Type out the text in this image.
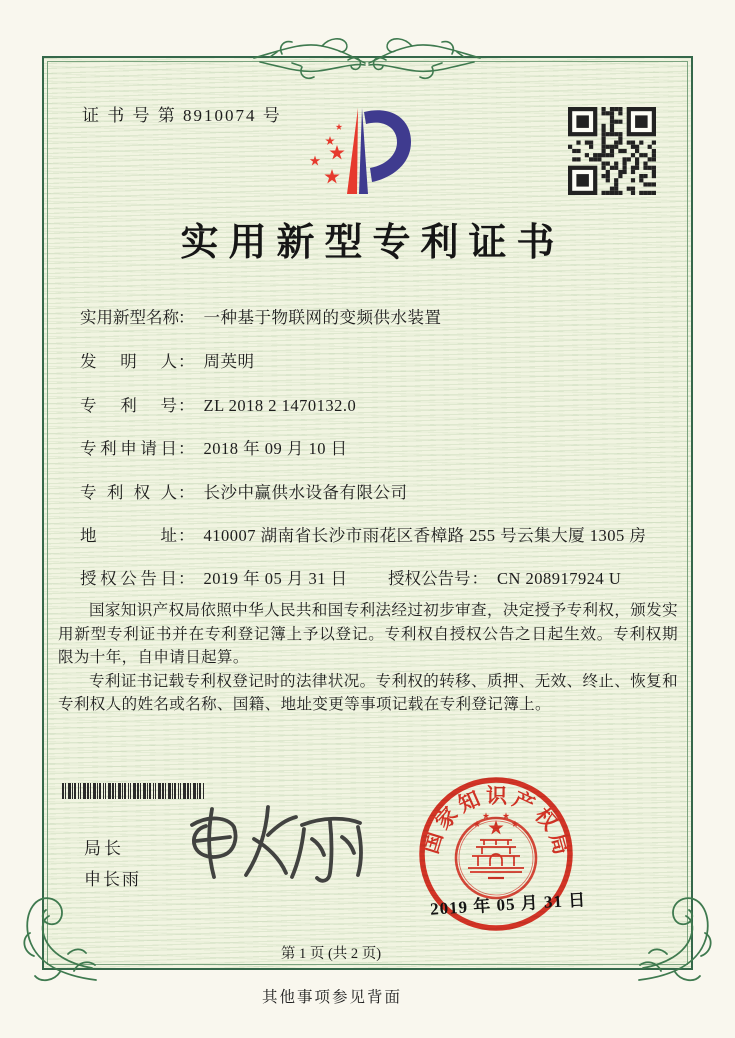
证 书 号 第 8910074 号
实用新型专利证书
实用新型名称 ： 一种基于物联网的变频供水装置
发明人 ： 周英明
专利号 ： ZL 2018 2 1470132.0
专利申请日 ： 2018 年 09 月 10 日
专利权人 ： 长沙中赢供水设备有限公司
地址 ： 410007 湖南省长沙市雨花区香樟路 255 号云集大厦 1305 房
授权公告日 ： 2019 年 05 月 31 日 授权公告号 ： CN 208917924 U

国家知识产权局依照中华人民共和国专利法经过初步审查，决定授予专利权，颁发实用新型专利证书并在专利登记簿上予以登记。专利权自授权公告之日起生效。专利权期限为十年，自申请日起算。

专利证书记载专利权登记时的法律状况。专利权的转移、质押、无效、终止、恢复和专利权人的姓名或名称、国籍、地址变更等事项记载在专利登记簿上。

局长
申长雨
国家知识产权局
2019 年 05 月 31 日
第 1 页 (共 2 页)
其他事项参见背面
